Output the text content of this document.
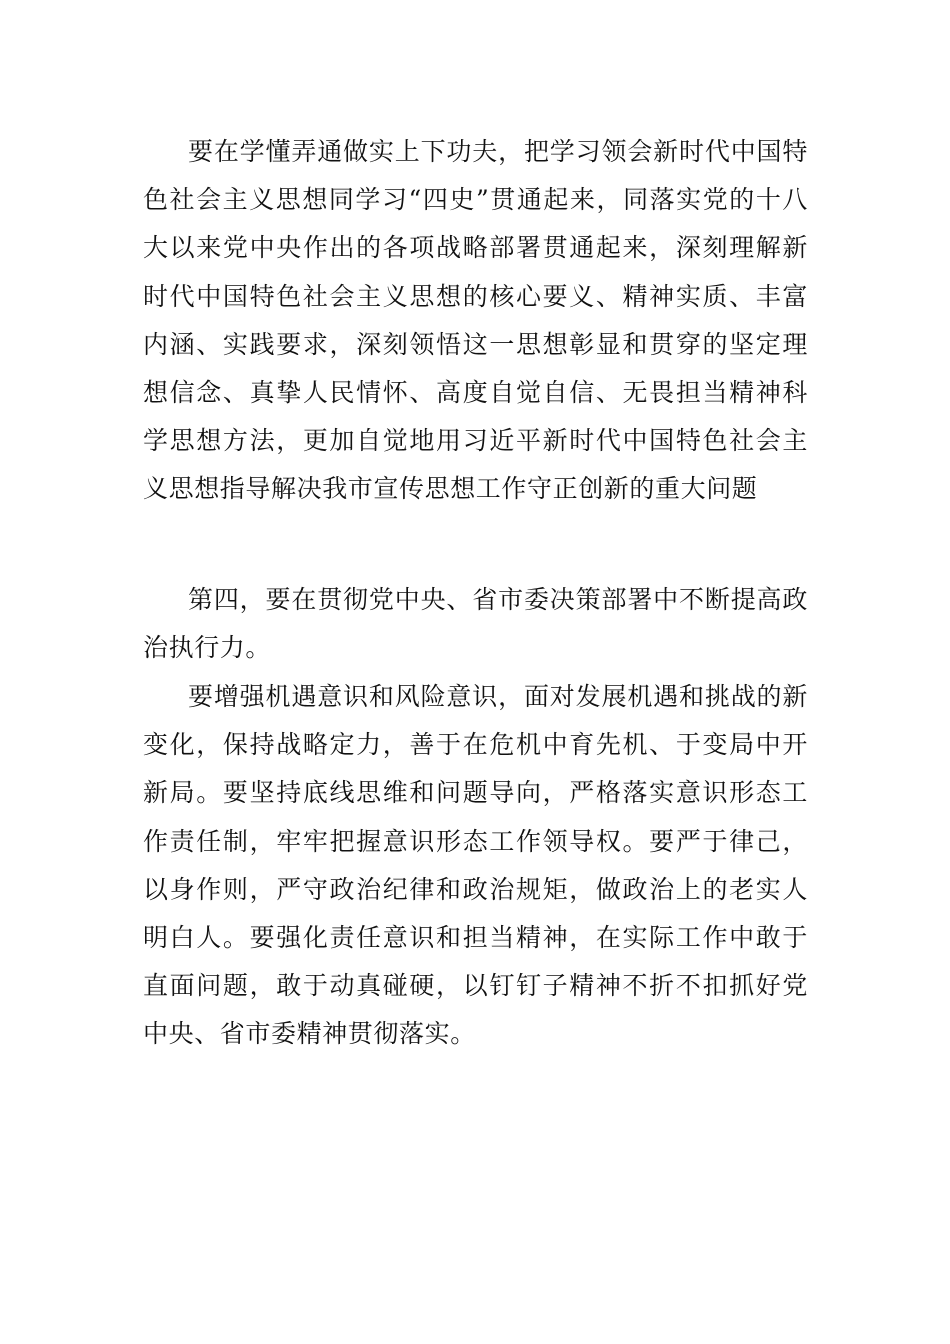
要在学懂弄通做实上下功夫，把学习领会新时代中国特色社会主义思想同学习“四史”贯通起来，同落实党的十八大以来党中央作出的各项战略部署贯通起来，深刻理解新时代中国特色社会主义思想的核心要义、精神实质、丰富内涵、实践要求，深刻领悟这一思想彰显和贯穿的坚定理想信念、真挚人民情怀、高度自觉自信、无畏担当精神科学思想方法，更加自觉地用习近平新时代中国特色社会主义思想指导解决我市宣传思想工作守正创新的重大问题

第四，要在贯彻党中央、省市委决策部署中不断提高政治执行力。

要增强机遇意识和风险意识，面对发展机遇和挑战的新变化，保持战略定力，善于在危机中育先机、于变局中开新局。要坚持底线思维和问题导向，严格落实意识形态工作责任制，牢牢把握意识形态工作领导权。要严于律己，以身作则，严守政治纪律和政治规矩，做政治上的老实人明白人。要强化责任意识和担当精神，在实际工作中敢于直面问题，敢于动真碰硬，以钉钉子精神不折不扣抓好党中央、省市委精神贯彻落实。
